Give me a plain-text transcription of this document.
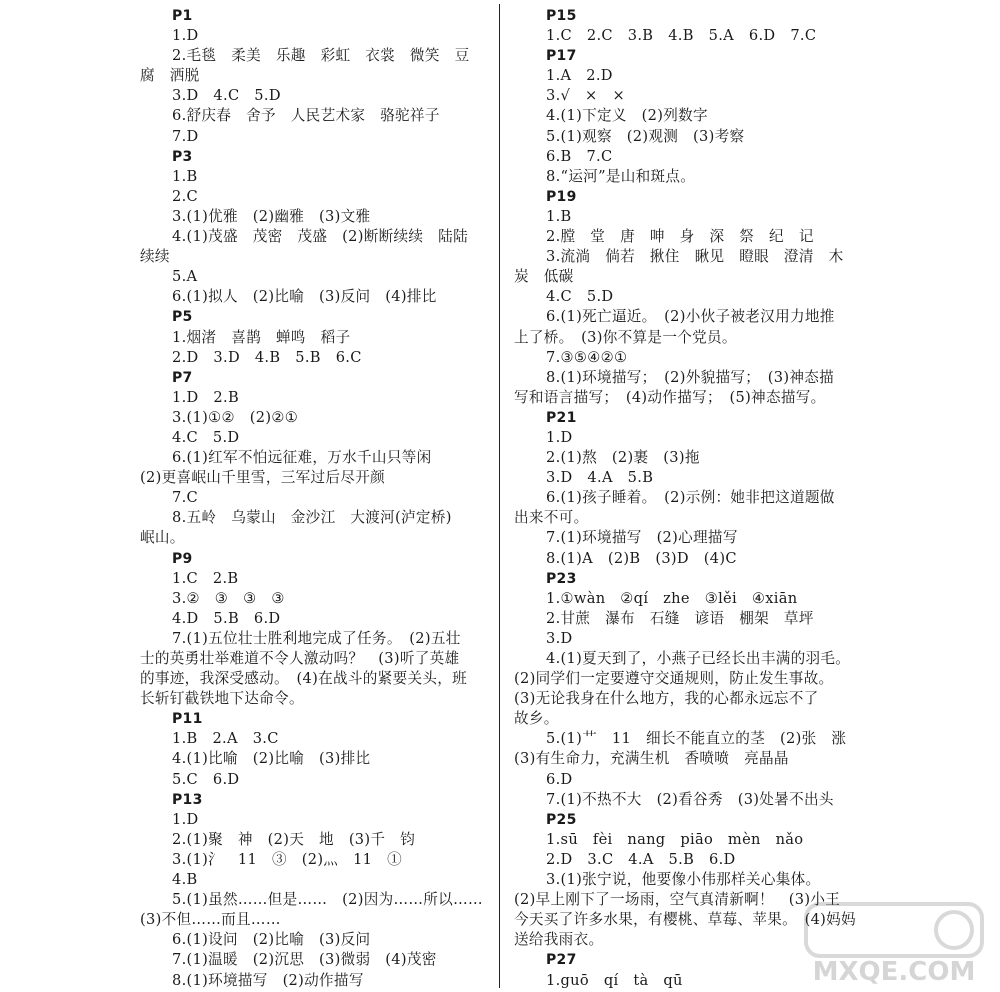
P1
1.D
2.毛毯　柔美　乐趣　彩虹　衣裳　微笑　豆
腐　洒脱
3.D　4.C　5.D
6.舒庆春　舍予　人民艺术家　骆驼祥子
7.D
P3
1.B
2.C
3.(1)优雅　(2)幽雅　(3)文雅
4.(1)茂盛　茂密　茂盛　(2)断断续续　陆陆
续续
5.A
6.(1)拟人　(2)比喻　(3)反问　(4)排比
P5
1.烟渚　喜鹊　蝉鸣　稻子
2.D　3.D　4.B　5.B　6.C
P7
1.D　2.B
3.(1)①②　(2)②①
4.C　5.D
6.(1)红军不怕远征难，万水千山只等闲
(2)更喜岷山千里雪，三军过后尽开颜
7.C
8.五岭　乌蒙山　金沙江　大渡河(泸定桥)
岷山。
P9
1.C　2.B
3.②　③　③　③
4.D　5.B　6.D
7.(1)五位壮士胜利地完成了任务。　(2)五壮
士的英勇壮举难道不令人激动吗？　(3)听了英雄
的事迹，我深受感动。　(4)在战斗的紧要关头，班
长斩钉截铁地下达命令。
P11
1.B　2.A　3.C
4.(1)比喻　(2)比喻　(3)排比
5.C　6.D
P13
1.D
2.(1)聚　神　(2)天　地　(3)千　钧
3.(1)氵　11　③　(2)灬　11　①
4.B
5.(1)虽然……但是……　(2)因为……所以……
(3)不但……而且……
6.(1)设问　(2)比喻　(3)反问
7.(1)温暖　(2)沉思　(3)微弱　(4)茂密
8.(1)环境描写　(2)动作描写
P15
1.C　2.C　3.B　4.B　5.A　6.D　7.C
P17
1.A　2.D
3.√　×　×
4.(1)下定义　(2)列数字
5.(1)观察　(2)观测　(3)考察
6.B　7.C
8.“运河”是山和斑点。
P19
1.B
2.膛　堂　唐　呻　身　深　祭　纪　记
3.流淌　倘若　揪住　瞅见　瞪眼　澄清　木
炭　低碳
4.C　5.D
6.(1)死亡逼近。　(2)小伙子被老汉用力地推
上了桥。　(3)你不算是一个党员。
7.③⑤④②①
8.(1)环境描写；　(2)外貌描写；　(3)神态描
写和语言描写；　(4)动作描写；　(5)神态描写。
P21
1.D
2.(1)熬　(2)裹　(3)拖
3.D　4.A　5.B
6.(1)孩子睡着。　(2)示例：她非把这道题做
出来不可。
7.(1)环境描写　(2)心理描写
8.(1)A　(2)B　(3)D　(4)C
P23
1.①wàn　②qí　zhe　③lěi　④xiān
2.甘蔗　瀑布　石缝　谚语　棚架　草坪
3.D
4.(1)夏天到了，小燕子已经长出丰满的羽毛。
(2)同学们一定要遵守交通规则，防止发生事故。
(3)无论我身在什么地方，我的心都永远忘不了
故乡。
5.(1)艹　11　细长不能直立的茎　(2)张　涨
(3)有生命力，充满生机　香喷喷　亮晶晶
6.D
7.(1)不热不大　(2)看谷秀　(3)处暑不出头
P25
1.sū　fèi　nang　piāo　mèn　nǎo
2.D　3.C　4.A　5.B　6.D
3.(1)张宁说，他要像小伟那样关心集体。
(2)早上刚下了一场雨，空气真清新啊！　(3)小王
今天买了许多水果，有樱桃、草莓、苹果。　(4)妈妈
送给我雨衣。
P27
1.guō　qí　tà　qū	MXQE.COM
